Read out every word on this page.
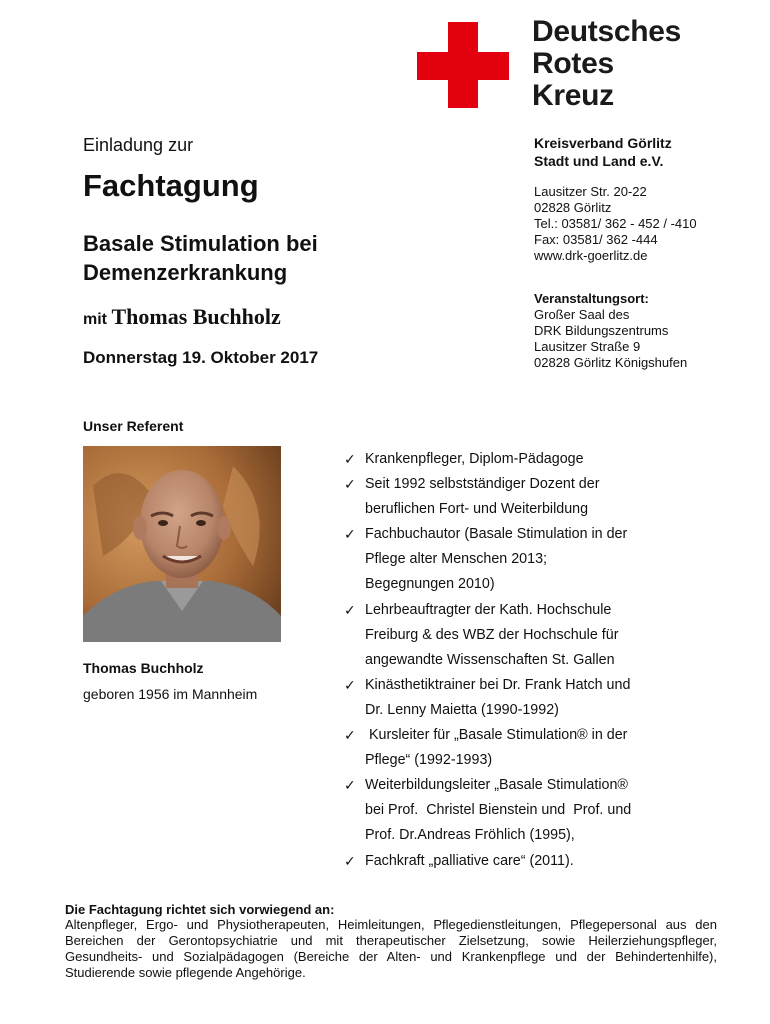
Deutsches
Rotes
Kreuz
Einladung zur
Fachtagung
Basale Stimulation bei
Demenzerkrankung
mit Thomas Buchholz
Donnerstag 19. Oktober 2017
Kreisverband Görlitz
Stadt und Land e.V.
Lausitzer Str. 20-22
02828 Görlitz
Tel.: 03581/ 362 - 452 / -410
Fax: 03581/ 362 -444
www.drk-goerlitz.de
Veranstaltungsort:
Großer Saal des
DRK Bildungszentrums
Lausitzer Straße 9
02828 Görlitz Königshufen
Unser Referent
Thomas Buchholz
geboren 1956 im Mannheim
✓ Krankenpfleger, Diplom-Pädagoge
✓ Seit 1992 selbstständiger Dozent der
beruflichen Fort- und Weiterbildung
✓ Fachbuchautor (Basale Stimulation in der
Pflege alter Menschen 2013;
Begegnungen 2010)
✓ Lehrbeauftragter der Kath. Hochschule
Freiburg & des WBZ der Hochschule für
angewandte Wissenschaften St. Gallen
✓ Kinästhetiktrainer bei Dr. Frank Hatch und
Dr. Lenny Maietta (1990-1992)
✓ Kursleiter für „Basale Stimulation® in der
Pflege“ (1992-1993)
✓ Weiterbildungsleiter „Basale Stimulation®
bei Prof.  Christel Bienstein und  Prof. und
Prof. Dr.Andreas Fröhlich (1995),
✓ Fachkraft „palliative care“ (2011).
Die Fachtagung richtet sich vorwiegend an:
Altenpfleger, Ergo- und Physiotherapeuten, Heimleitungen, Pflegedienstleitungen, Pflegepersonal aus den Bereichen der Gerontopsychiatrie und mit therapeutischer Zielsetzung, sowie Heilerziehungspfleger, Gesundheits- und Sozialpädagogen (Bereiche der Alten- und Krankenpflege und der Behindertenhilfe), Studierende sowie pflegende Angehörige.
